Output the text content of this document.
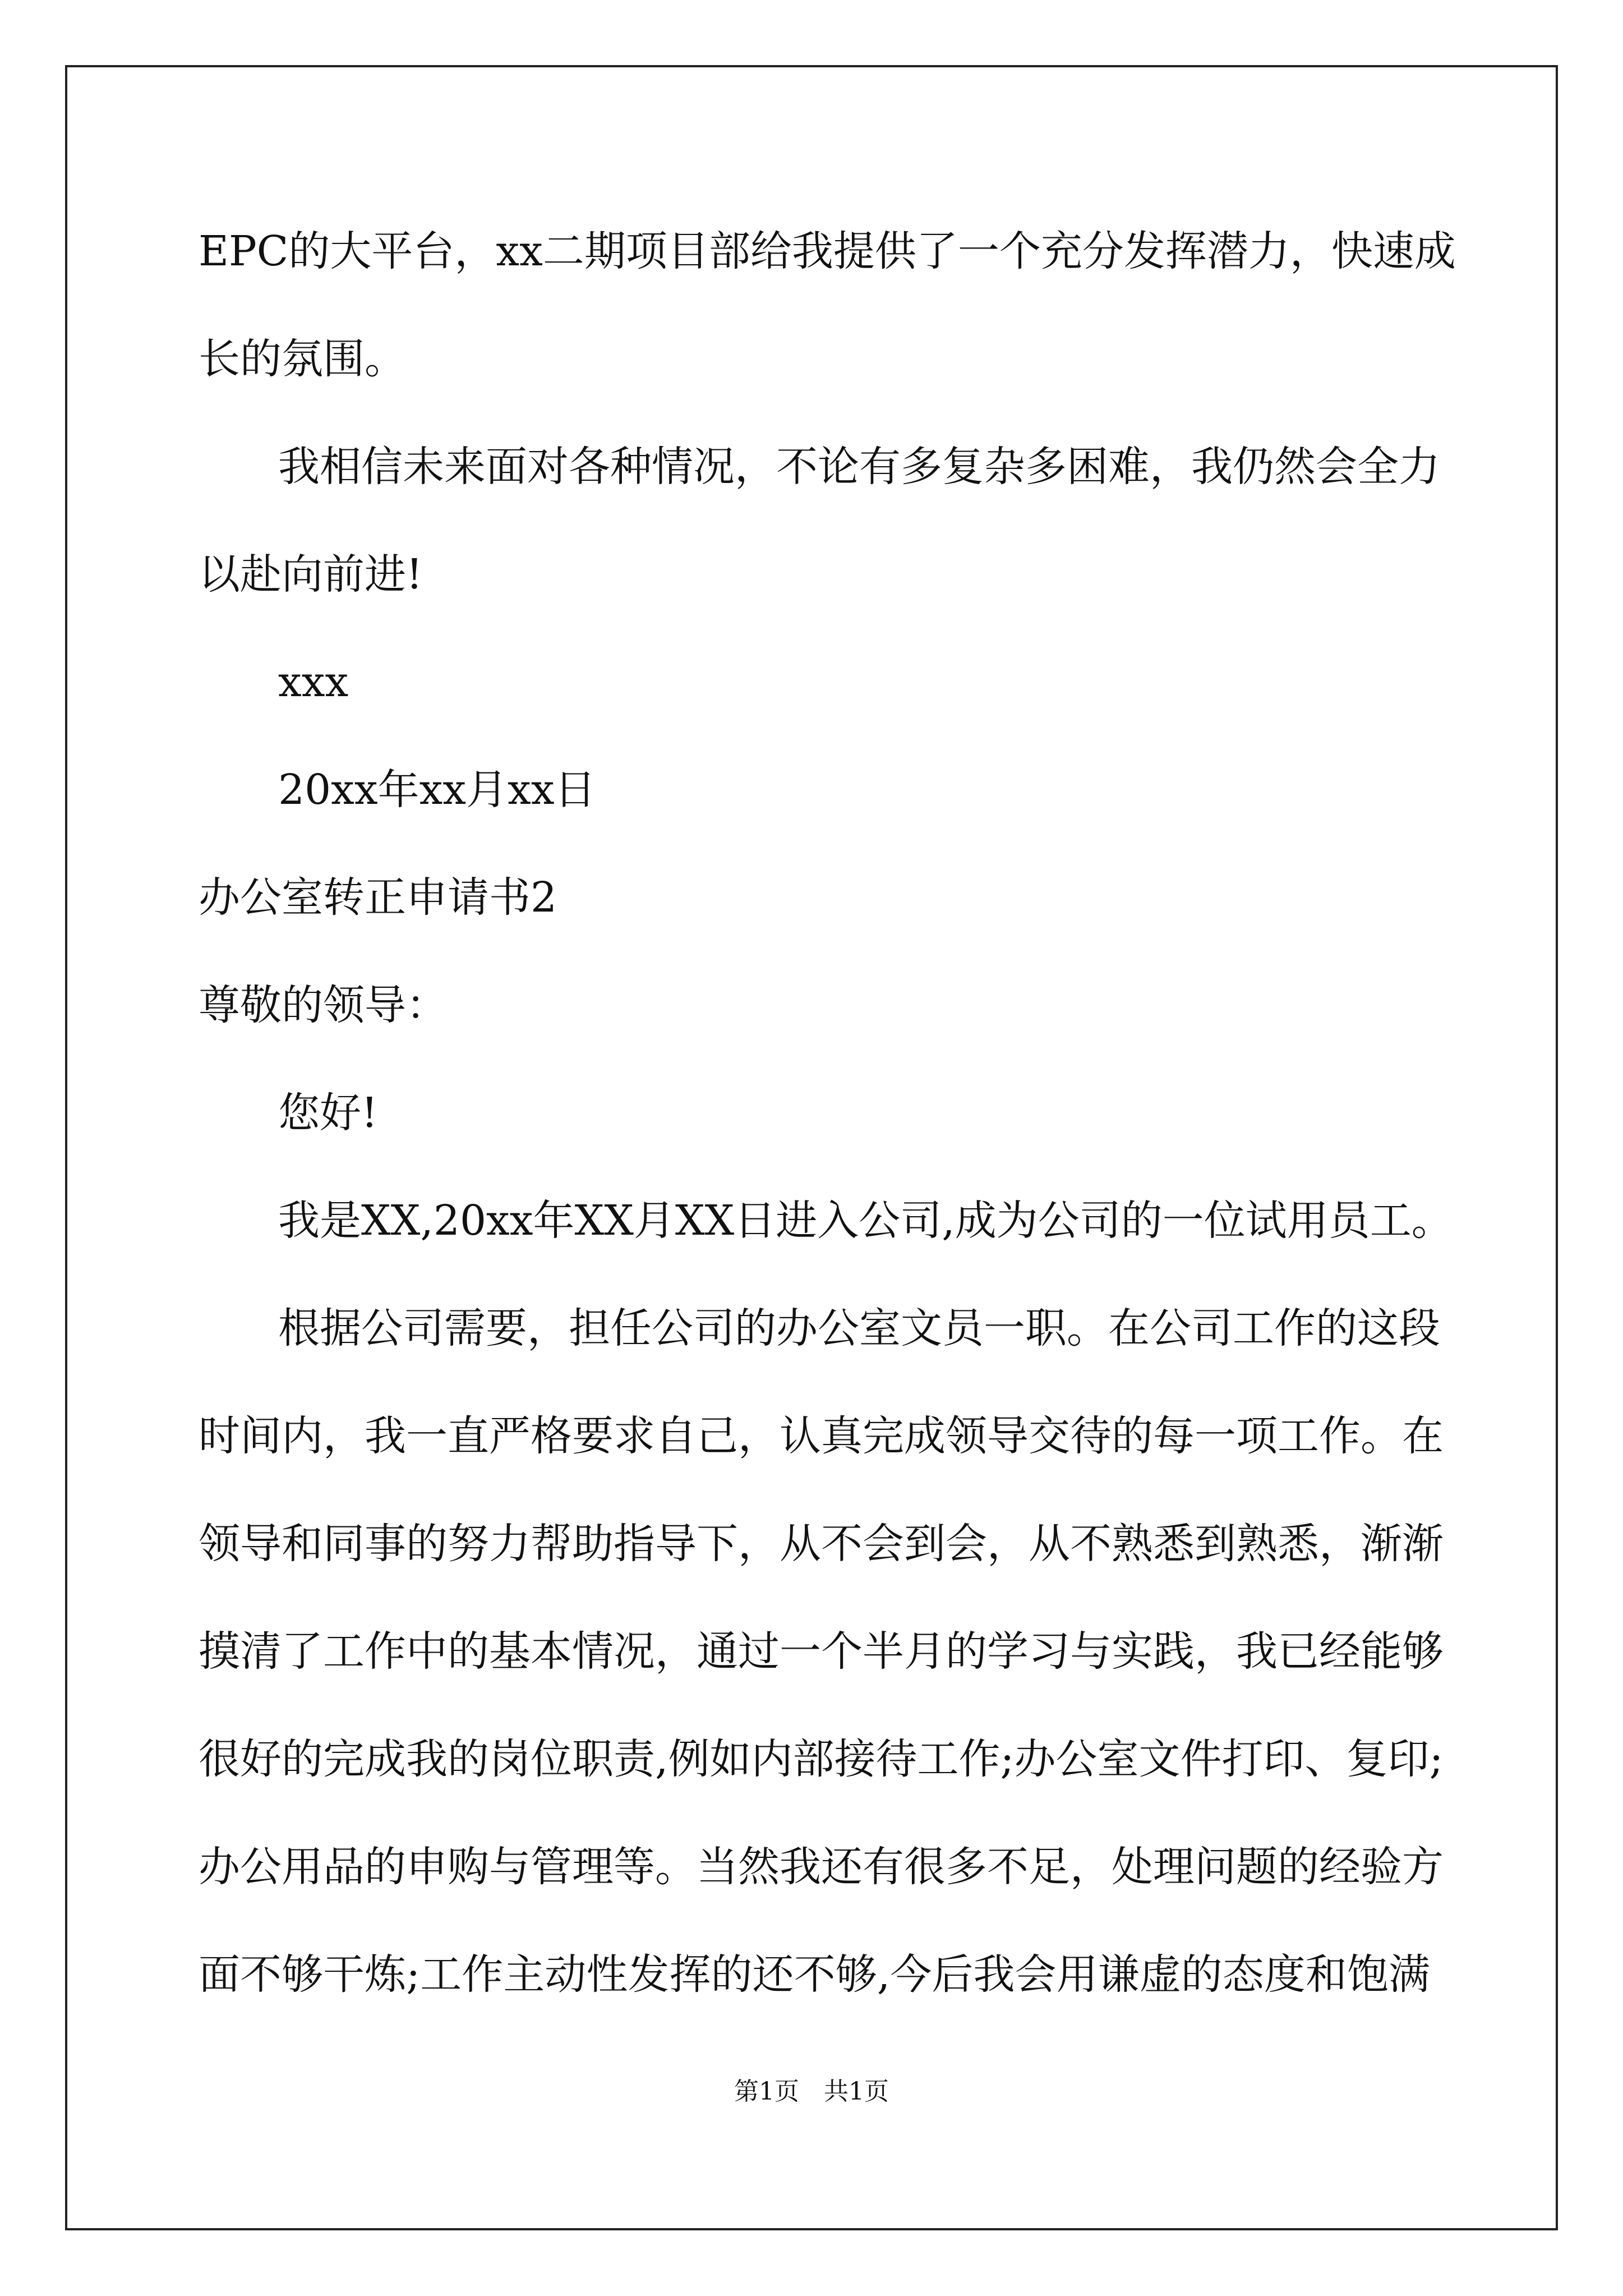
EPC的大平台，xx二期项目部给我提供了一个充分发挥潜力，快速成
长的氛围。
我相信未来面对各种情况，不论有多复杂多困难，我仍然会全力
以赴向前进!
xxx
20xx年xx月xx日
办公室转正申请书2
尊敬的领导：
您好!
我是XX,20xx年XX月XX日进入公司,成为公司的一位试用员工。
根据公司需要，担任公司的办公室文员一职。在公司工作的这段
时间内，我一直严格要求自己，认真完成领导交待的每一项工作。在
领导和同事的努力帮助指导下，从不会到会，从不熟悉到熟悉，渐渐
摸清了工作中的基本情况，通过一个半月的学习与实践，我已经能够
很好的完成我的岗位职责,例如内部接待工作;办公室文件打印、复印;
办公用品的申购与管理等。当然我还有很多不足，处理问题的经验方
面不够干炼;工作主动性发挥的还不够,今后我会用谦虚的态度和饱满
第1页　共1页
